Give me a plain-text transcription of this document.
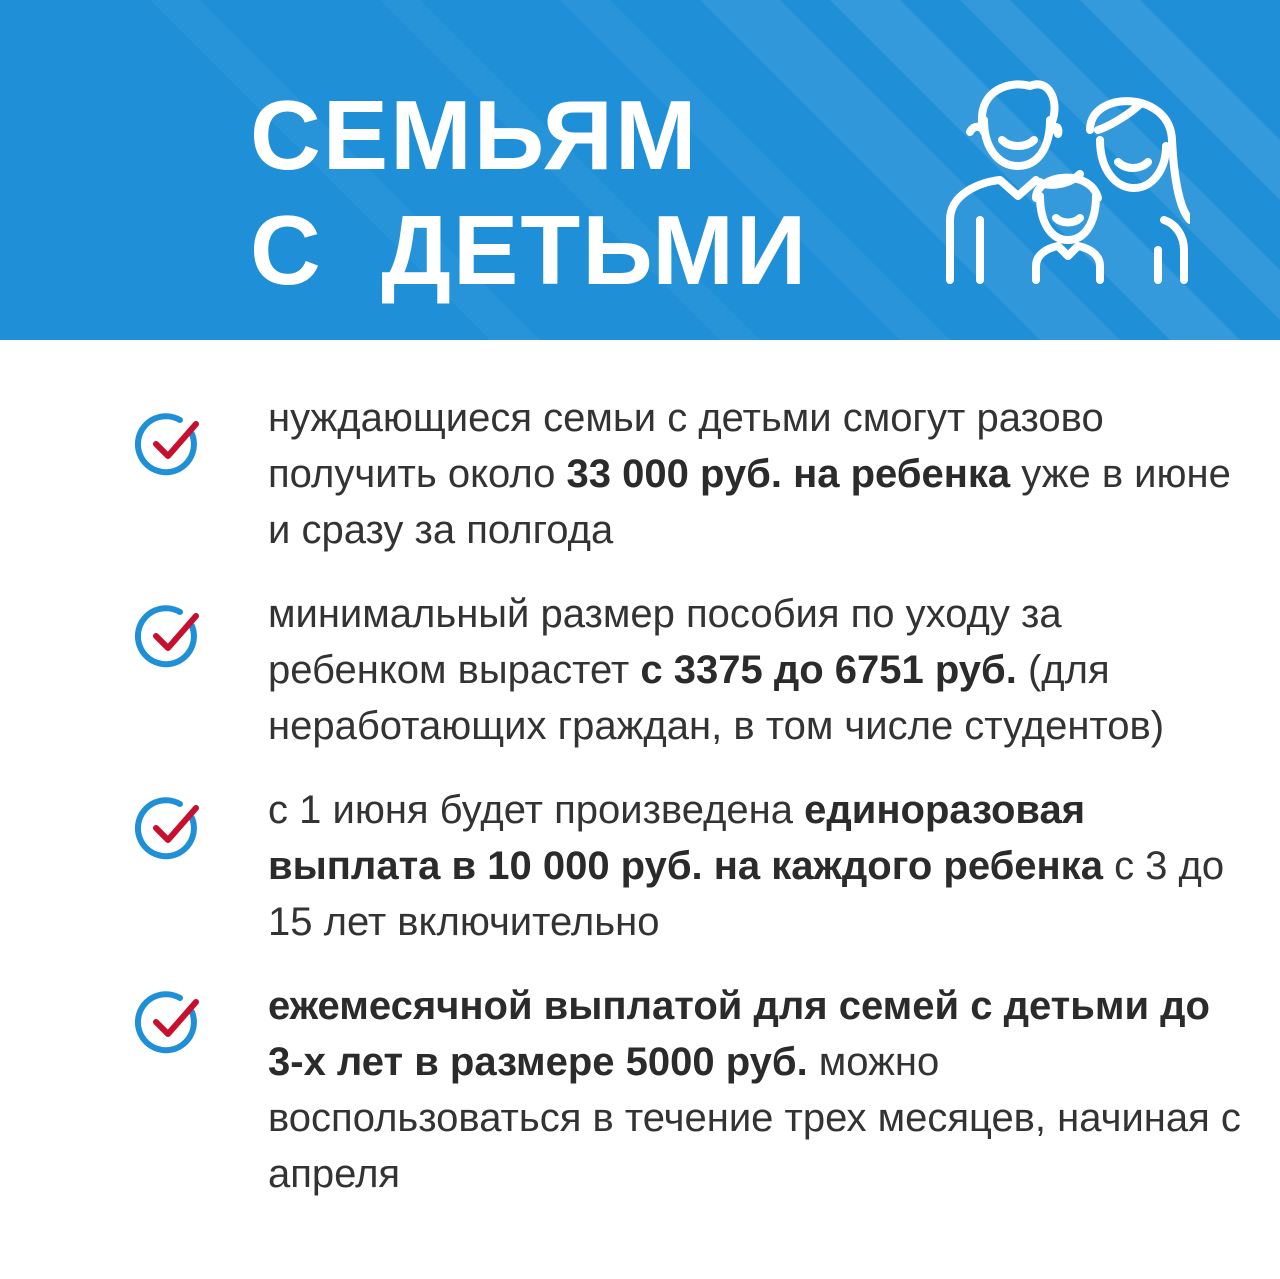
СЕМЬЯМ
С  ДЕТЬМИ

нуждающиеся семьи с детьми смогут разово получить около 33 000 руб. на ребенка уже в июне и сразу за полгода

минимальный размер пособия по уходу за ребенком вырастет с 3375 до 6751 руб. (для неработающих граждан, в том числе студентов)

с 1 июня будет произведена единоразовая выплата в 10 000 руб. на каждого ребенка с 3 до 15 лет включительно

ежемесячной выплатой для семей с детьми до 3-х лет в размере 5000 руб. можно воспользоваться в течение трех месяцев, начиная с апреля
